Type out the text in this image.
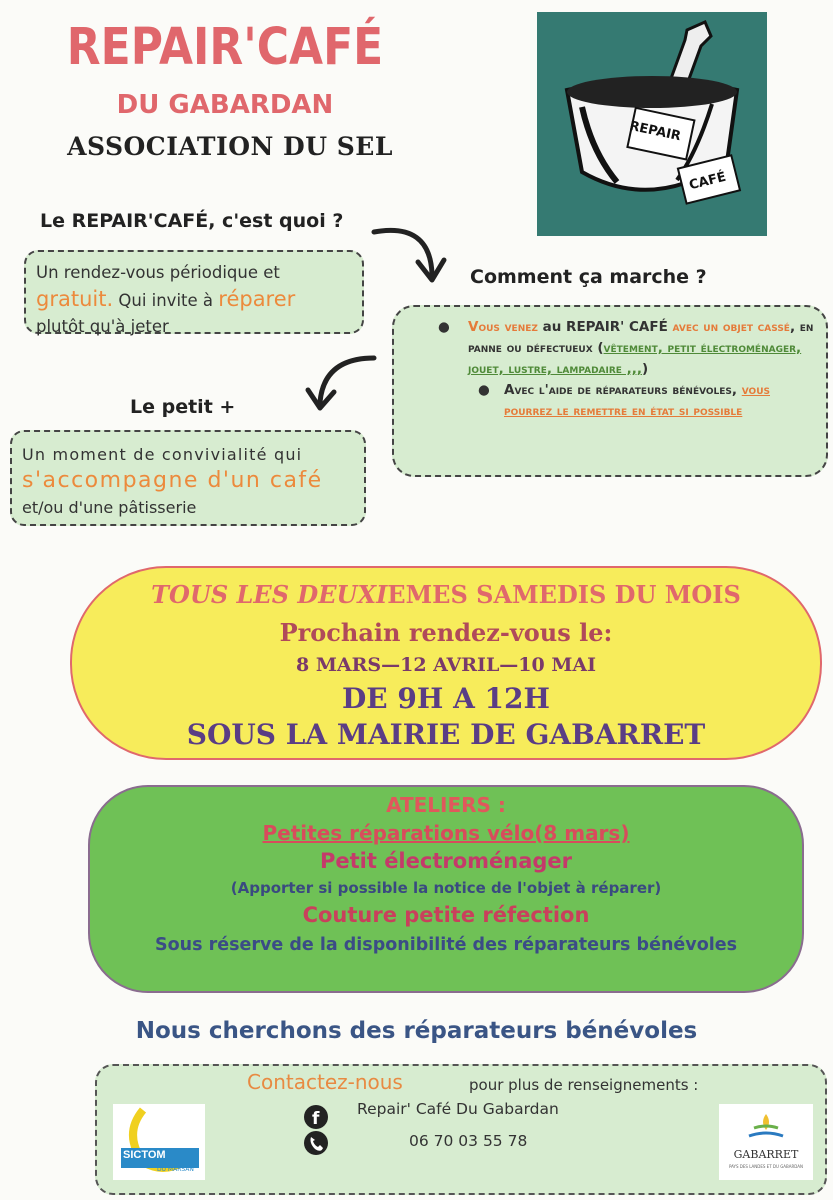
REPAIR'CAFÉ
DU GABARDAN
ASSOCIATION DU SEL
REPAIR
CAFÉ
Le REPAIR'CAFÉ, c'est quoi ?
Un rendez-vous périodique et
gratuit. Qui invite à réparer
plutôt qu'à jeter
Comment ça marche ?
● Vous venez au REPAIR' CAFÉ avec un objet cassé, en panne ou défectueux (vêtement, petit électroménager, jouet, lustre, lampadaire ,,,)
● Avec l'aide de réparateurs bénévoles, vous pourrez le remettre en état si possible
Le petit +
Un moment de convivialité qui
s'accompagne d'un café
et/ou d'une pâtisserie
TOUS LES DEUXIEMES SAMEDIS DU MOIS
Prochain rendez-vous le:
8 MARS—12 AVRIL—10 MAI
DE 9H A 12H
SOUS LA MAIRIE DE GABARRET
ATELIERS :
Petites réparations vélo(8 mars)
Petit électroménager
(Apporter si possible la notice de l'objet à réparer)
Couture petite réfection
Sous réserve de la disponibilité des réparateurs bénévoles
Nous cherchons des réparateurs bénévoles
Contactez-nous	pour plus de renseignements :
Repair' Café Du Gabardan
06 70 03 55 78
f
SICTOM
DU MARSAN
GABARRET
PAYS DES LANDES ET DU GABARDAN
